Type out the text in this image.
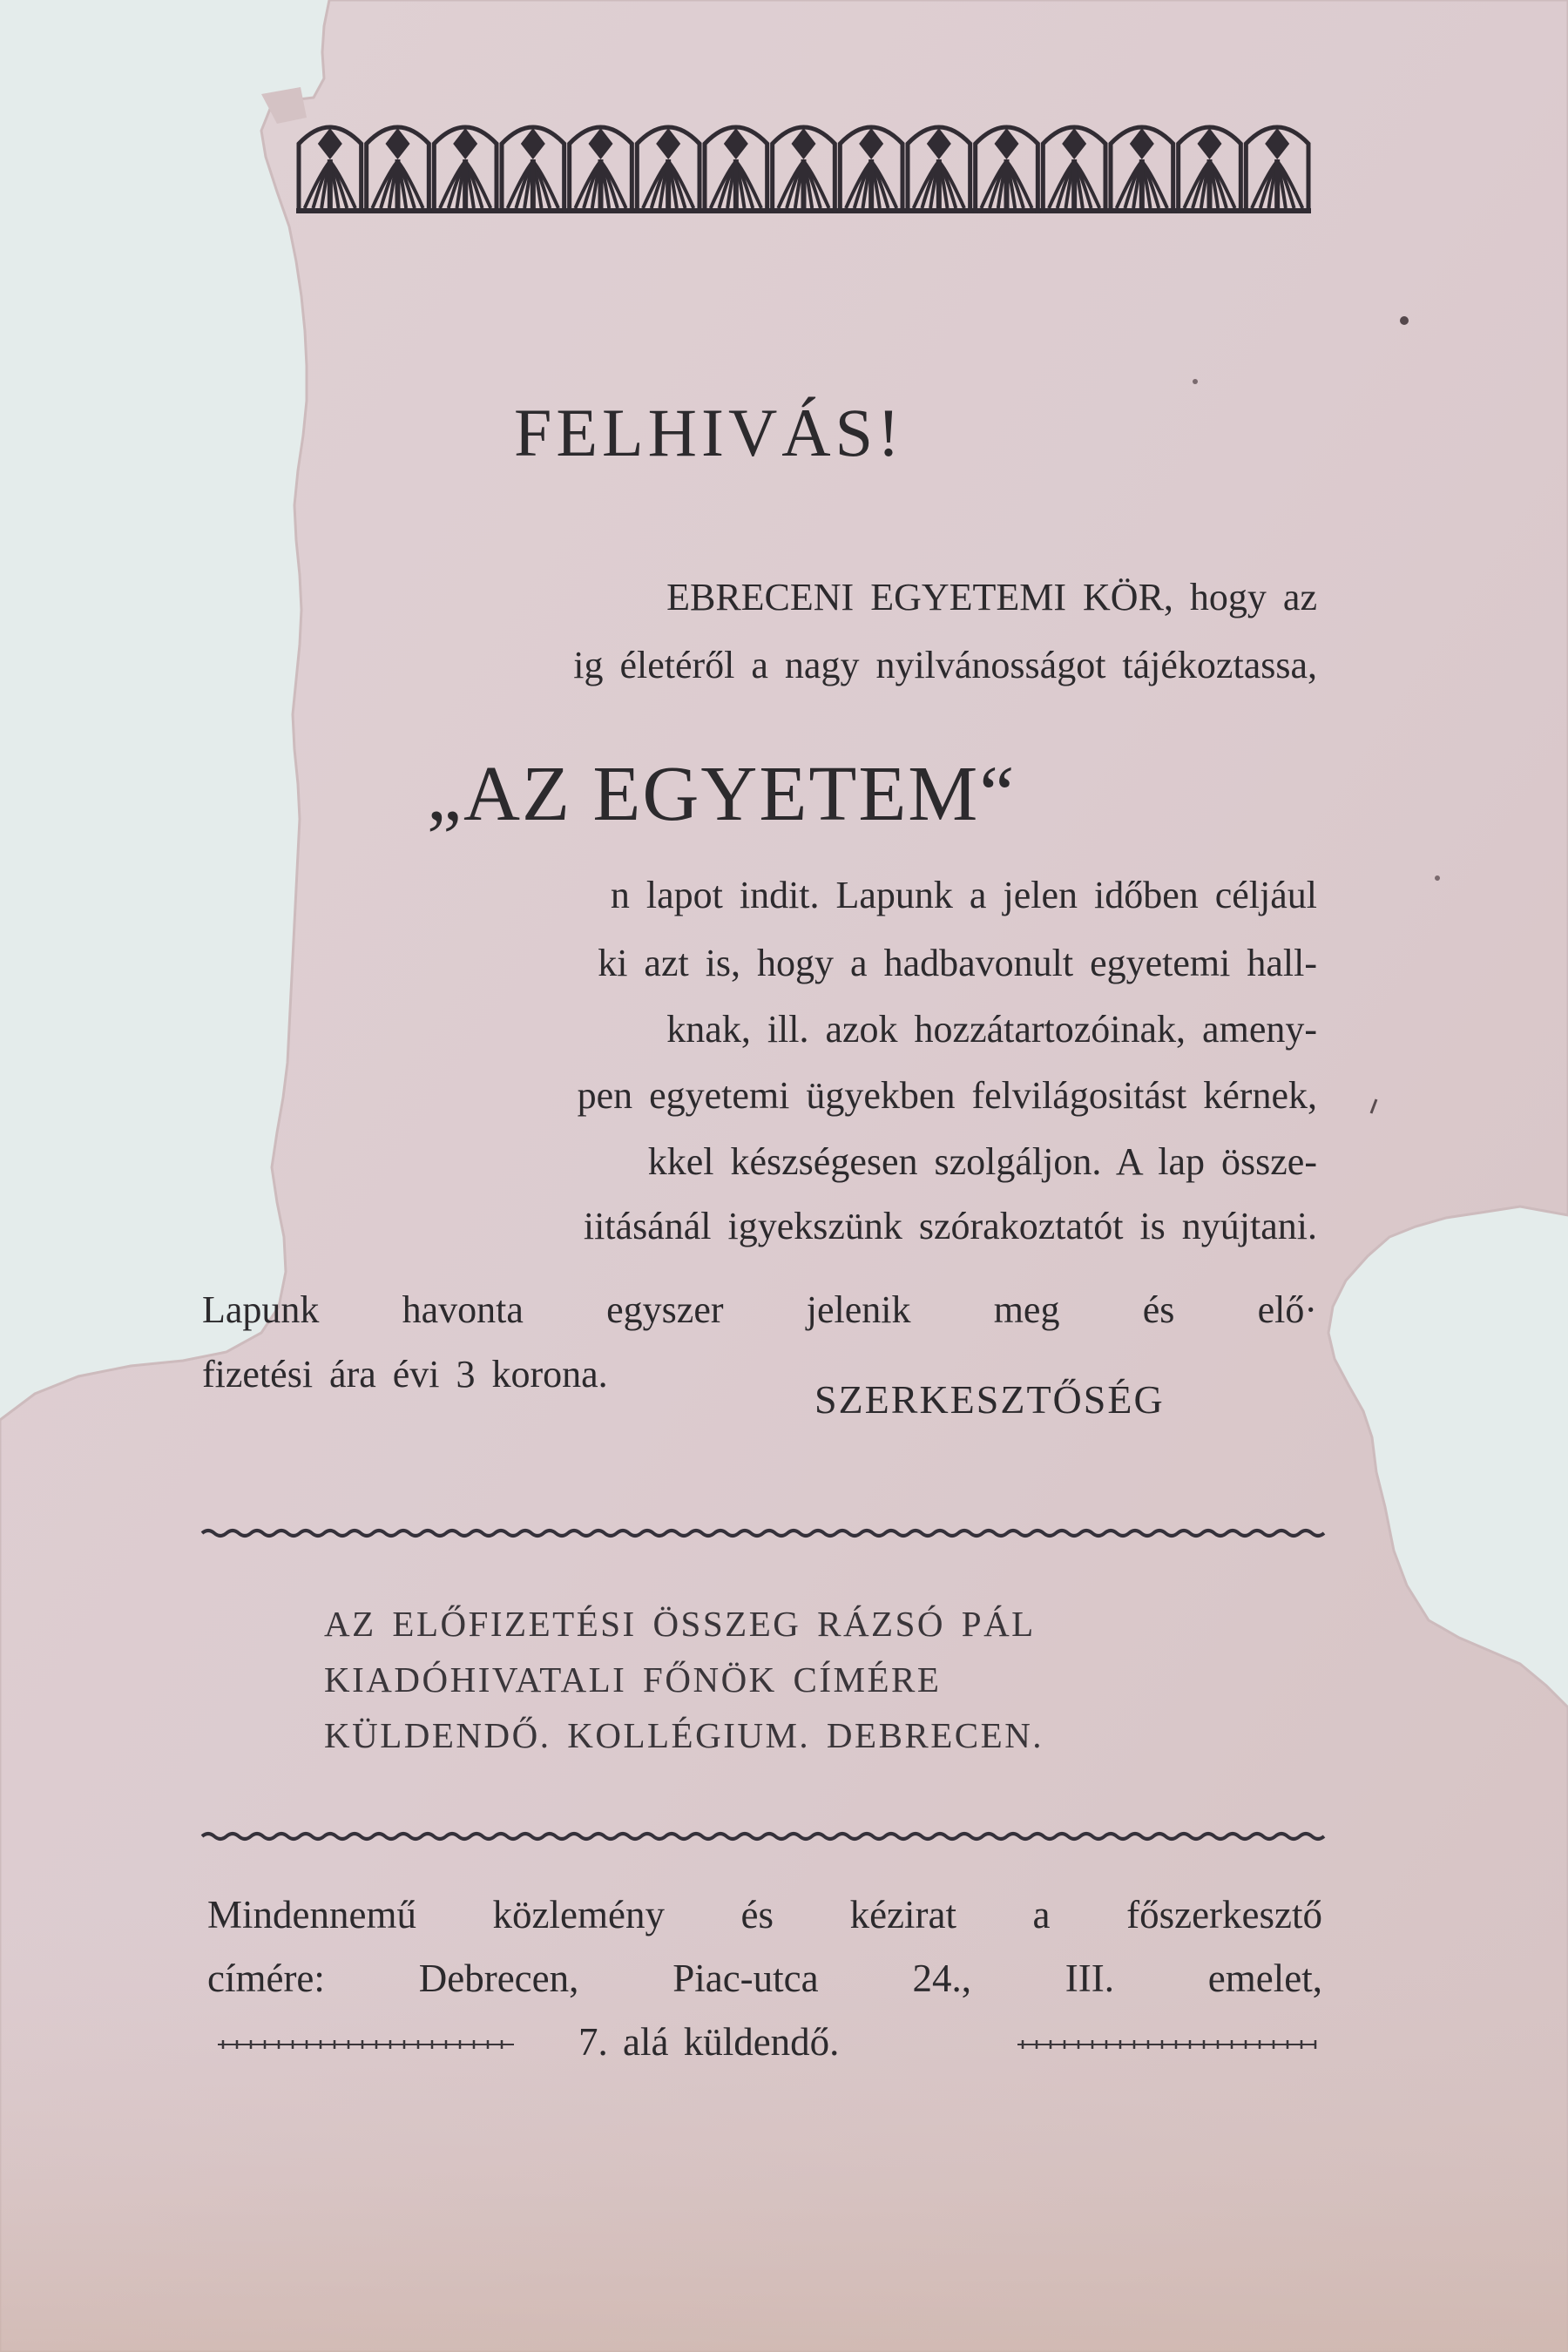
FELHIVÁS!
EBRECENI EGYETEMI KÖR, hogy az
ig életéről a nagy nyilvánosságot tájékoztassa,
„AZ EGYETEM“
n lapot indit. Lapunk a jelen időben céljául
ki azt is, hogy a hadbavonult egyetemi hall-
knak, ill. azok hozzátartozóinak, ameny-
pen egyetemi ügyekben felvilágositást kérnek,
kkel készségesen szolgáljon. A lap össze-
iitásánál igyekszünk szórakoztatót is nyújtani.
Lapunk havonta egyszer jelenik meg és elő·
fizetési ára évi 3 korona.
SZERKESZTŐSÉG
AZ ELŐFIZETÉSI ÖSSZEG RÁZSÓ PÁL
KIADÓHIVATALI FŐNÖK CÍMÉRE
KÜLDENDŐ. KOLLÉGIUM. DEBRECEN.
Mindennemű közlemény és kézirat a főszerkesztő
címére: Debrecen, Piac-utca 24., III. emelet,
7. alá küldendő.
